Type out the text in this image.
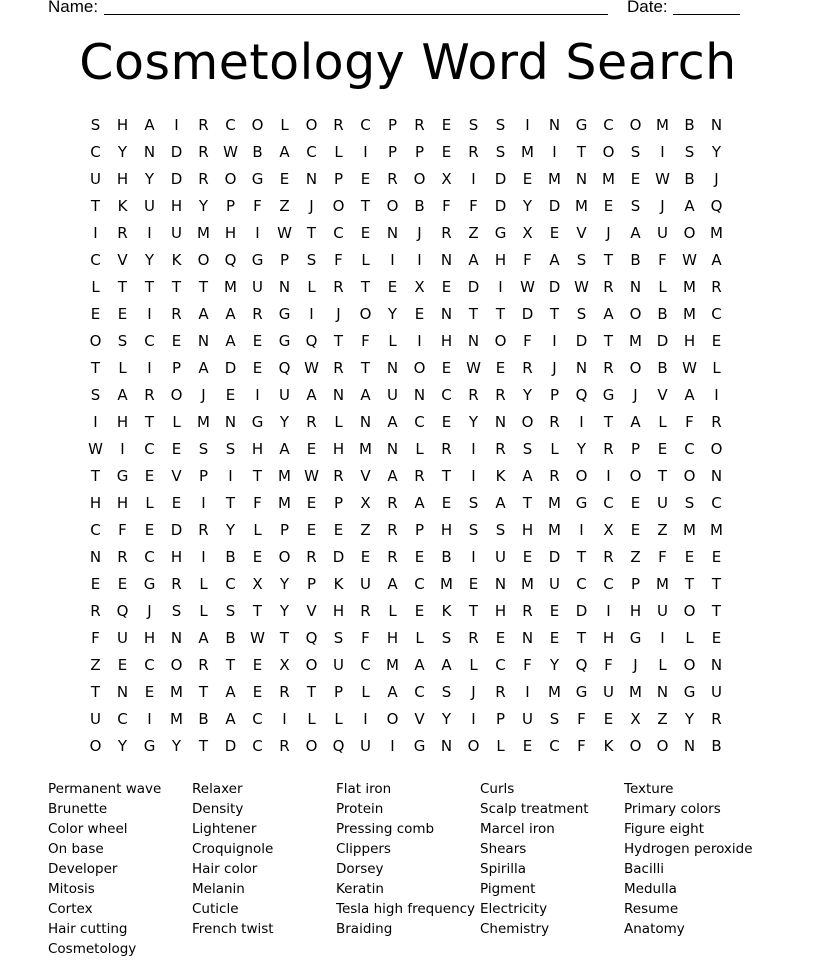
Name:	Date:
Cosmetology Word Search
S	H	A	I	R	C	O	L	O	R	C	P	R	E	S	S	I	N	G	C	O M	B	N
C	Y	N	D	R W B	A	C	L	I	P	P	E	R	S	M	I	T	O	S	I	S	Y
U	H	Y	D	R	O	G	E	N	P	E	R	O	X	I	D	E	M N M	E W B	J
T	K	U	H	Y	P	F	Z	J	O	T	O	B	F	F	D	Y	D M	E	S	J	A	Q
I	R	I	U	M H	I	W T	C	E	N	J	R	Z	G	X	E	V	J	A	U	O M
C	V	Y	K	O	Q	G	P	S	F	L	I	I	N	A	H	F	A	S	T	B	F	W A
L	T	T	T	T	M	U	N	L	R	T	E	X	E	D	I	W D W R	N	L	M	R
E	E	I	R	A	A	R	G	I	J	O	Y	E	N	T	T	D	T	S	A	O	B	M	C
O	S	C	E	N	A	E	G	Q	T	F	L	I	H	N	O	F	I	D	T	M D	H	E
T	L	I	P	A	D	E	Q W R	T	N	O	E W E	R	J	N	R	O	B W	L
S	A	R	O	J	E	I	U	A	N	A	U	N	C	R	R	Y	P	Q	G	J	V	A	I
I	H	T	L	M N	G	Y	R	L	N	A	C	E	Y	N	O	R	I	T	A	L	F	R
W	I	C	E	S	S	H	A	E	H M N	L	R	I	R	S	L	Y	R	P	E	C	O
T	G	E	V	P	I	T	M W R	V	A	R	T	I	K	A	R	O	I	O	T	O	N
H	H	L	E	I	T	F	M	E	P	X	R	A	E	S	A	T	M G	C	E	U	S	C
C	F	E	D	R	Y	L	P	E	E	Z	R	P	H	S	S	H M	I	X	E	Z	M M
N	R	C	H	I	B	E	O	R	D	E	R	E	B	I	U	E	D	T	R	Z	F	E	E
E	E	G	R	L	C	X	Y	P	K	U	A	C	M	E	N M	U	C	C	P	M	T	T
R	Q	J	S	L	S	T	Y	V	H	R	L	E	K	T	H	R	E	D	I	H	U	O	T
F	U	H	N	A	B W T	Q	S	F	H	L	S	R	E	N	E	T	H	G	I	L	E
Z	E	C	O	R	T	E	X	O	U	C	M	A	A	L	C	F	Y	Q	F	J	L	O	N
T	N	E	M	T	A	E	R	T	P	L	A	C	S	J	R	I	M G	U	M N	G	U
U	C	I	M	B	A	C	I	L	L	I	O	V	Y	I	P	U	S	F	E	X	Z	Y	R
O	Y	G	Y	T	D	C	R	O	Q	U	I	G	N	O	L	E	C	F	K	O	O	N	B
Permanent wave
Brunette
Color wheel
On base
Developer
Mitosis
Cortex
Hair cutting
Cosmetology
Relaxer
Density
Lightener
Croquignole
Hair color
Melanin
Cuticle
French twist
Flat iron
Protein
Pressing comb
Clippers
Dorsey
Keratin
Tesla high frequency
Braiding
Curls
Scalp treatment
Marcel iron
Shears
Spirilla
Pigment
Electricity
Chemistry
Texture
Primary colors
Figure eight
Hydrogen peroxide
Bacilli
Medulla
Resume
Anatomy
